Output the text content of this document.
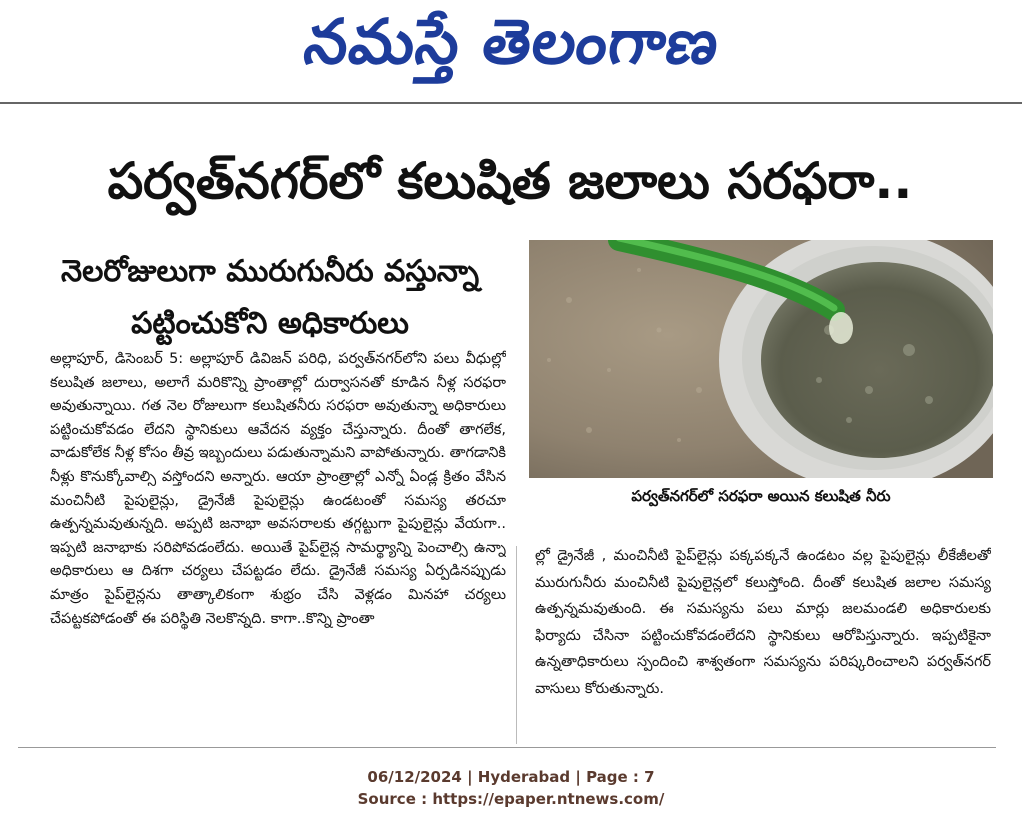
నమస్తే తెలంగాణ
పర్వత్‌నగర్‌లో కలుషిత జలాలు సరఫరా..
నెలరోజులుగా మురుగునీరు వస్తున్నా
పట్టించుకోని అధికారులు
పర్వత్‌నగర్‌లో సరఫరా అయిన కలుషిత నీరు
అల్లాపూర్, డిసెంబర్ 5: అల్లాపూర్ డివిజన్ పరిధి, పర్వత్‌నగర్‌లోని పలు వీధుల్లో కలుషిత జలాలు, అలాగే మరికొన్ని ప్రాంతాల్లో దుర్వాసనతో కూడిన నీళ్ల సరఫరా అవుతున్నాయి. గత నెల రోజులుగా కలుషితనీరు సరఫరా అవుతున్నా అధికారులు పట్టించుకోవడం లేదని స్థానికులు ఆవేదన వ్యక్తం చేస్తున్నారు. దీంతో తాగలేక, వాడుకోలేక నీళ్ల కోసం తీవ్ర ఇబ్బందులు పడుతున్నామని వాపోతున్నారు. తాగడానికి నీళ్లు కొనుక్కోవాల్సి వస్తోందని అన్నారు. ఆయా ప్రాంత్రాల్లో ఎన్నో ఏండ్ల క్రితం వేసిన మంచినీటి పైపులైన్లు, డ్రైనేజీ పైపులైన్లు ఉండటంతో సమస్య తరచూ ఉత్పన్నమవుతున్నది. అప్పటి జనాభా అవసరాలకు తగ్గట్టుగా పైపులైన్లు వేయగా.. ఇప్పటి జనాభాకు సరిపోవడంలేదు. అయితే పైప్‌లైన్ల సామర్థ్యాన్ని పెంచాల్సి ఉన్నా అధికారులు ఆ దిశగా చర్యలు చేపట్టడం లేదు. డ్రైనేజీ సమస్య ఏర్పడినప్పుడు మాత్రం పైప్‌లైన్లను తాత్కాలికంగా శుభ్రం చేసి వెళ్లడం మినహా చర్యలు చేపట్టకపోడంతో ఈ పరిస్థితి నెలకొన్నది. కాగా..కొన్ని ప్రాంతా
ల్లో డ్రైనేజీ , మంచినీటి పైప్‌లైన్లు పక్కపక్కనే ఉండటం వల్ల పైపులైన్లు లీకేజీలతో మురుగునీరు మంచినీటి పైపులైన్లలో కలుస్తోంది. దీంతో కలుషిత జలాల సమస్య ఉత్పన్నమవుతుంది. ఈ సమస్యను పలు మార్లు జలమండలి అధికారులకు ఫిర్యాదు చేసినా పట్టించుకోవడంలేదని స్థానికులు ఆరోపిస్తున్నారు. ఇప్పటికైనా ఉన్నతాధికారులు స్పందించి శాశ్వతంగా సమస్యను పరిష్కరించాలని పర్వత్‌నగర్ వాసులు కోరుతున్నారు.
06/12/2024 | Hyderabad | Page : 7
Source : https://epaper.ntnews.com/
